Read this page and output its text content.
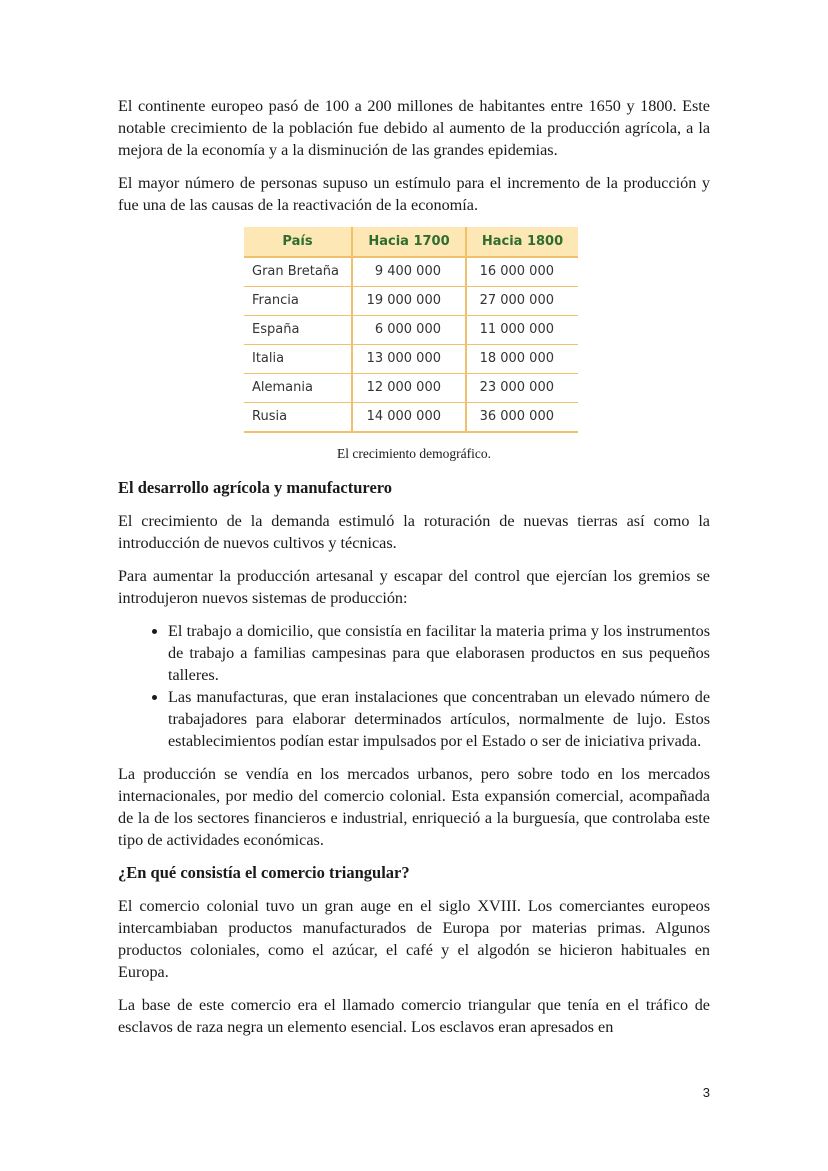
El continente europeo pasó de 100 a 200 millones de habitantes entre 1650 y 1800. Este notable crecimiento de la población fue debido al aumento de la producción agrícola, a la mejora de la economía y a la disminución de las grandes epidemias.

El mayor número de personas supuso un estímulo para el incremento de la producción y fue una de las causas de la reactivación de la economía.

País	Hacia 1700	Hacia 1800
Gran Bretaña	9 400 000	16 000 000
Francia	19 000 000	27 000 000
España	6 000 000	11 000 000
Italia	13 000 000	18 000 000
Alemania	12 000 000	23 000 000
Rusia	14 000 000	36 000 000
El crecimiento demográfico.
El desarrollo agrícola y manufacturero

El crecimiento de la demanda estimuló la roturación de nuevas tierras así como la introducción de nuevos cultivos y técnicas.

Para aumentar la producción artesanal y escapar del control que ejercían los gremios se introdujeron nuevos sistemas de producción:

• El trabajo a domicilio, que consistía en facilitar la materia prima y los instrumentos de trabajo a familias campesinas para que elaborasen productos en sus pequeños talleres.
• Las manufacturas, que eran instalaciones que concentraban un elevado número de trabajadores para elaborar determinados artículos, normalmente de lujo. Estos establecimientos podían estar impulsados por el Estado o ser de iniciativa privada.

La producción se vendía en los mercados urbanos, pero sobre todo en los mercados internacionales, por medio del comercio colonial. Esta expansión comercial, acompañada de la de los sectores financieros e industrial, enriqueció a la burguesía, que controlaba este tipo de actividades económicas.

¿En qué consistía el comercio triangular?

El comercio colonial tuvo un gran auge en el siglo XVIII. Los comerciantes europeos intercambiaban productos manufacturados de Europa por materias primas. Algunos productos coloniales, como el azúcar, el café y el algodón se hicieron habituales en Europa.

La base de este comercio era el llamado comercio triangular que tenía en el tráfico de esclavos de raza negra un elemento esencial. Los esclavos eran apresados en

3
